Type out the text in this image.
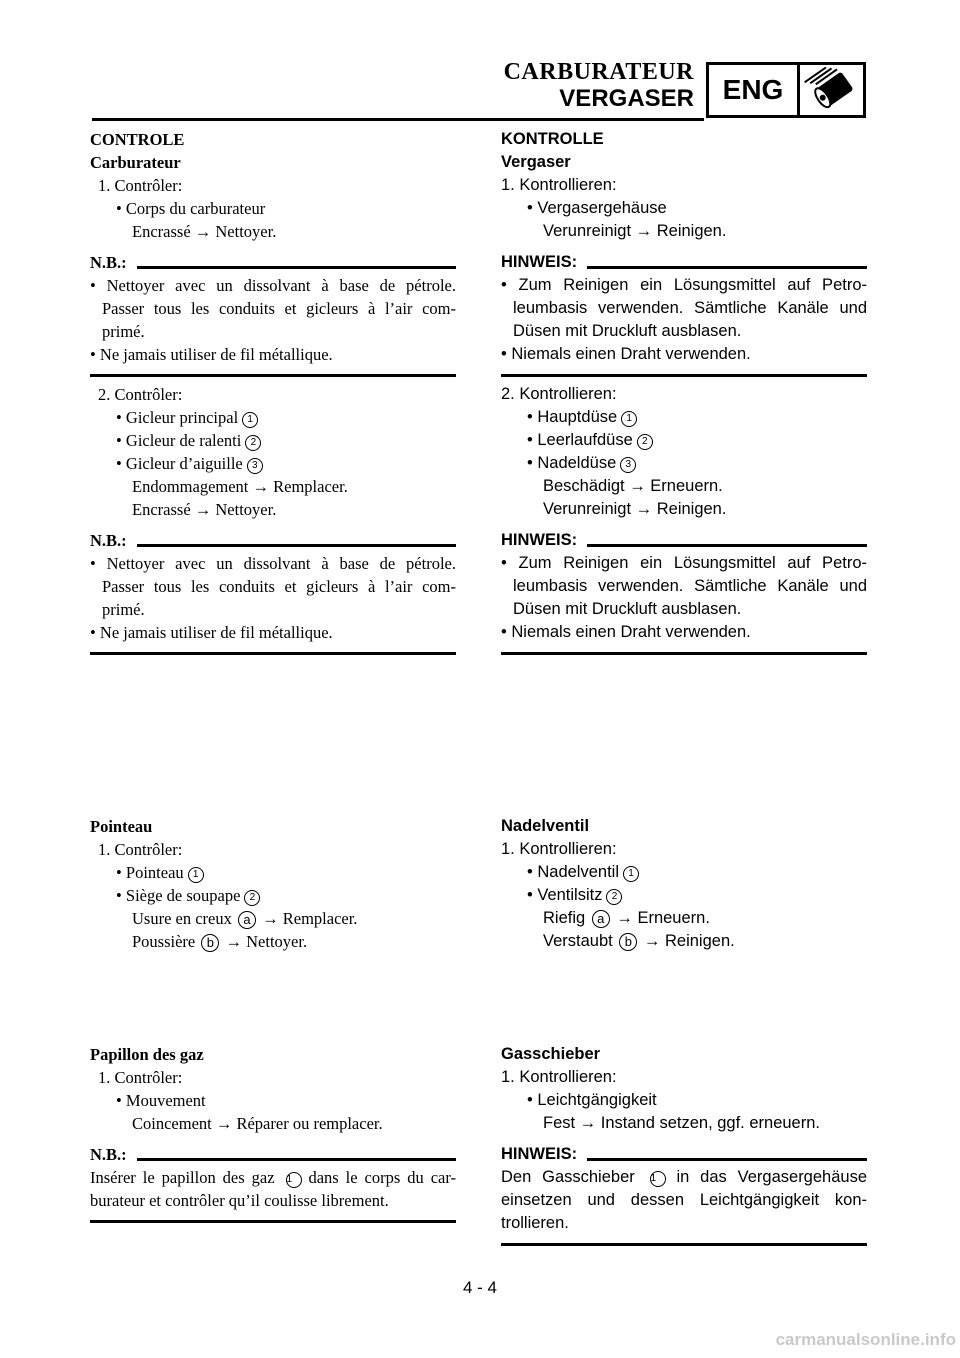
CARBURATEUR
VERGASER	ENG
CONTROLE
Carburateur
1. Contrôler:
• Corps du carburateur
Encrassé → Nettoyer.
N.B.:
• Nettoyer avec un dissolvant à base de pétrole.
Passer tous les conduits et gicleurs à l’air com-
primé.
• Ne jamais utiliser de fil métallique.
2. Contrôler:
• Gicleur principal 1
• Gicleur de ralenti 2
• Gicleur d’aiguille 3
Endommagement → Remplacer.
Encrassé → Nettoyer.
N.B.:
• Nettoyer avec un dissolvant à base de pétrole.
Passer tous les conduits et gicleurs à l’air com-
primé.
• Ne jamais utiliser de fil métallique.
Pointeau
1. Contrôler:
• Pointeau 1
• Siège de soupape 2
Usure en creux a → Remplacer.
Poussière b → Nettoyer.
Papillon des gaz
1. Contrôler:
• Mouvement
Coincement → Réparer ou remplacer.
N.B.:
Insérer le papillon des gaz 1 dans le corps du car-
burateur et contrôler qu’il coulisse librement.
KONTROLLE
Vergaser
1. Kontrollieren:
• Vergasergehäuse
Verunreinigt → Reinigen.
HINWEIS:
• Zum Reinigen ein Lösungsmittel auf Petro-
leumbasis verwenden. Sämtliche Kanäle und
Düsen mit Druckluft ausblasen.
• Niemals einen Draht verwenden.
2. Kontrollieren:
• Hauptdüse 1
• Leerlaufdüse 2
• Nadeldüse 3
Beschädigt → Erneuern.
Verunreinigt → Reinigen.
HINWEIS:
• Zum Reinigen ein Lösungsmittel auf Petro-
leumbasis verwenden. Sämtliche Kanäle und
Düsen mit Druckluft ausblasen.
• Niemals einen Draht verwenden.
Nadelventil
1. Kontrollieren:
• Nadelventil 1
• Ventilsitz 2
Riefig a → Erneuern.
Verstaubt b → Reinigen.
Gasschieber
1. Kontrollieren:
• Leichtgängigkeit
Fest → Instand setzen, ggf. erneuern.
HINWEIS:
Den Gasschieber 1 in das Vergasergehäuse
einsetzen und dessen Leichtgängigkeit kon-
trollieren.
4 - 4
carmanualsonline.info
